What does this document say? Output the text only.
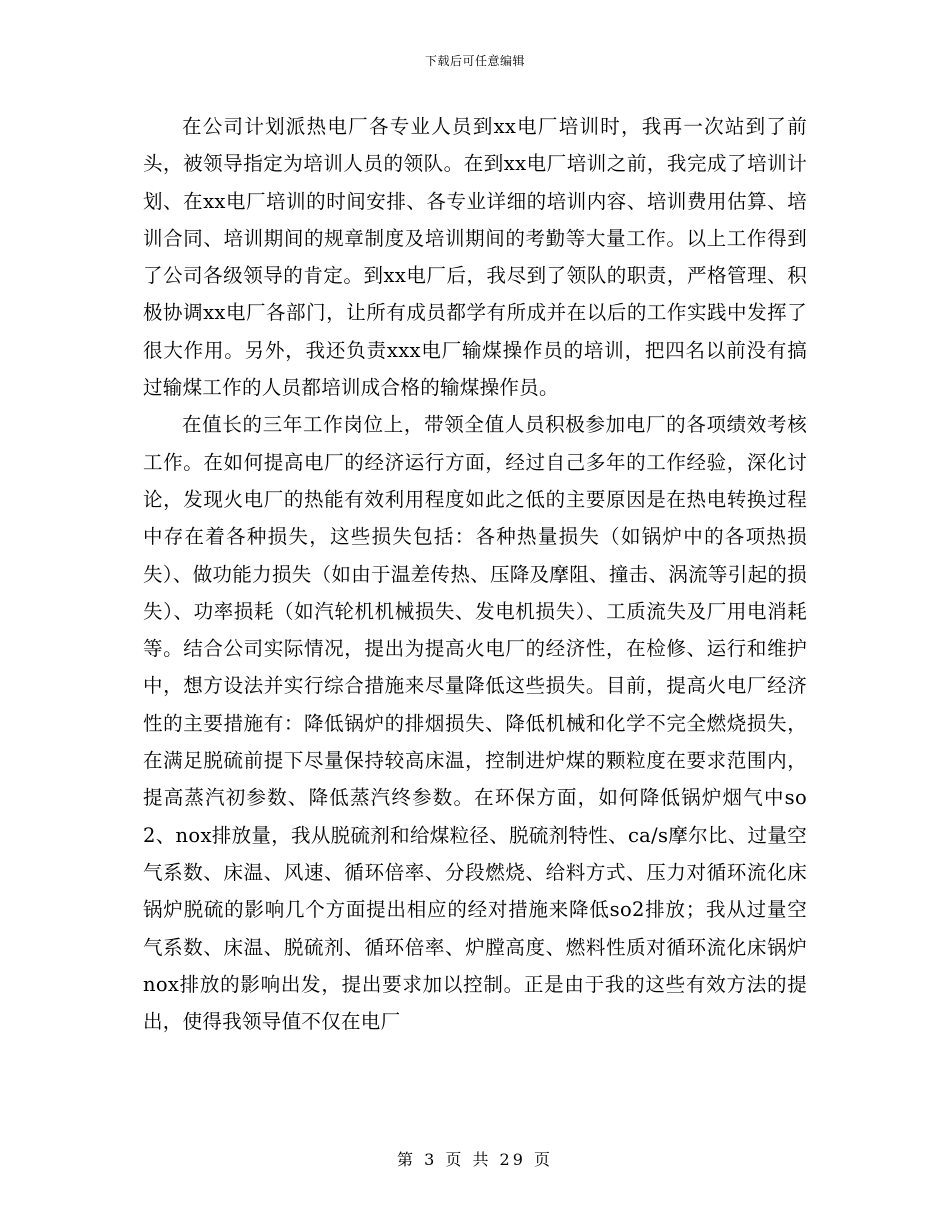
下载后可任意编辑

在公司计划派热电厂各专业人员到xx电厂培训时，我再一次站到了前头，被领导指定为培训人员的领队。在到xx电厂培训之前，我完成了培训计划、在xx电厂培训的时间安排、各专业详细的培训内容、培训费用估算、培训合同、培训期间的规章制度及培训期间的考勤等大量工作。以上工作得到了公司各级领导的肯定。到xx电厂后，我尽到了领队的职责，严格管理、积极协调xx电厂各部门，让所有成员都学有所成并在以后的工作实践中发挥了很大作用。另外，我还负责xxx电厂输煤操作员的培训，把四名以前没有搞过输煤工作的人员都培训成合格的输煤操作员。

在值长的三年工作岗位上，带领全值人员积极参加电厂的各项绩效考核工作。在如何提高电厂的经济运行方面，经过自己多年的工作经验，深化讨论，发现火电厂的热能有效利用程度如此之低的主要原因是在热电转换过程中存在着各种损失，这些损失包括：各种热量损失（如锅炉中的各项热损失）、做功能力损失（如由于温差传热、压降及摩阻、撞击、涡流等引起的损失）、功率损耗（如汽轮机机械损失、发电机损失）、工质流失及厂用电消耗等。结合公司实际情况，提出为提高火电厂的经济性，在检修、运行和维护中，想方设法并实行综合措施来尽量降低这些损失。目前，提高火电厂经济性的主要措施有：降低锅炉的排烟损失、降低机械和化学不完全燃烧损失，在满足脱硫前提下尽量保持较高床温，控制进炉煤的颗粒度在要求范围内，提高蒸汽初参数、降低蒸汽终参数。在环保方面，如何降低锅炉烟气中so2、nox排放量，我从脱硫剂和给煤粒径、脱硫剂特性、ca/s摩尔比、过量空气系数、床温、风速、循环倍率、分段燃烧、给料方式、压力对循环流化床锅炉脱硫的影响几个方面提出相应的经对措施来降低so2排放；我从过量空气系数、床温、脱硫剂、循环倍率、炉膛高度、燃料性质对循环流化床锅炉nox排放的影响出发，提出要求加以控制。正是由于我的这些有效方法的提出，使得我领导值不仅在电厂

第 3 页 共 29 页
